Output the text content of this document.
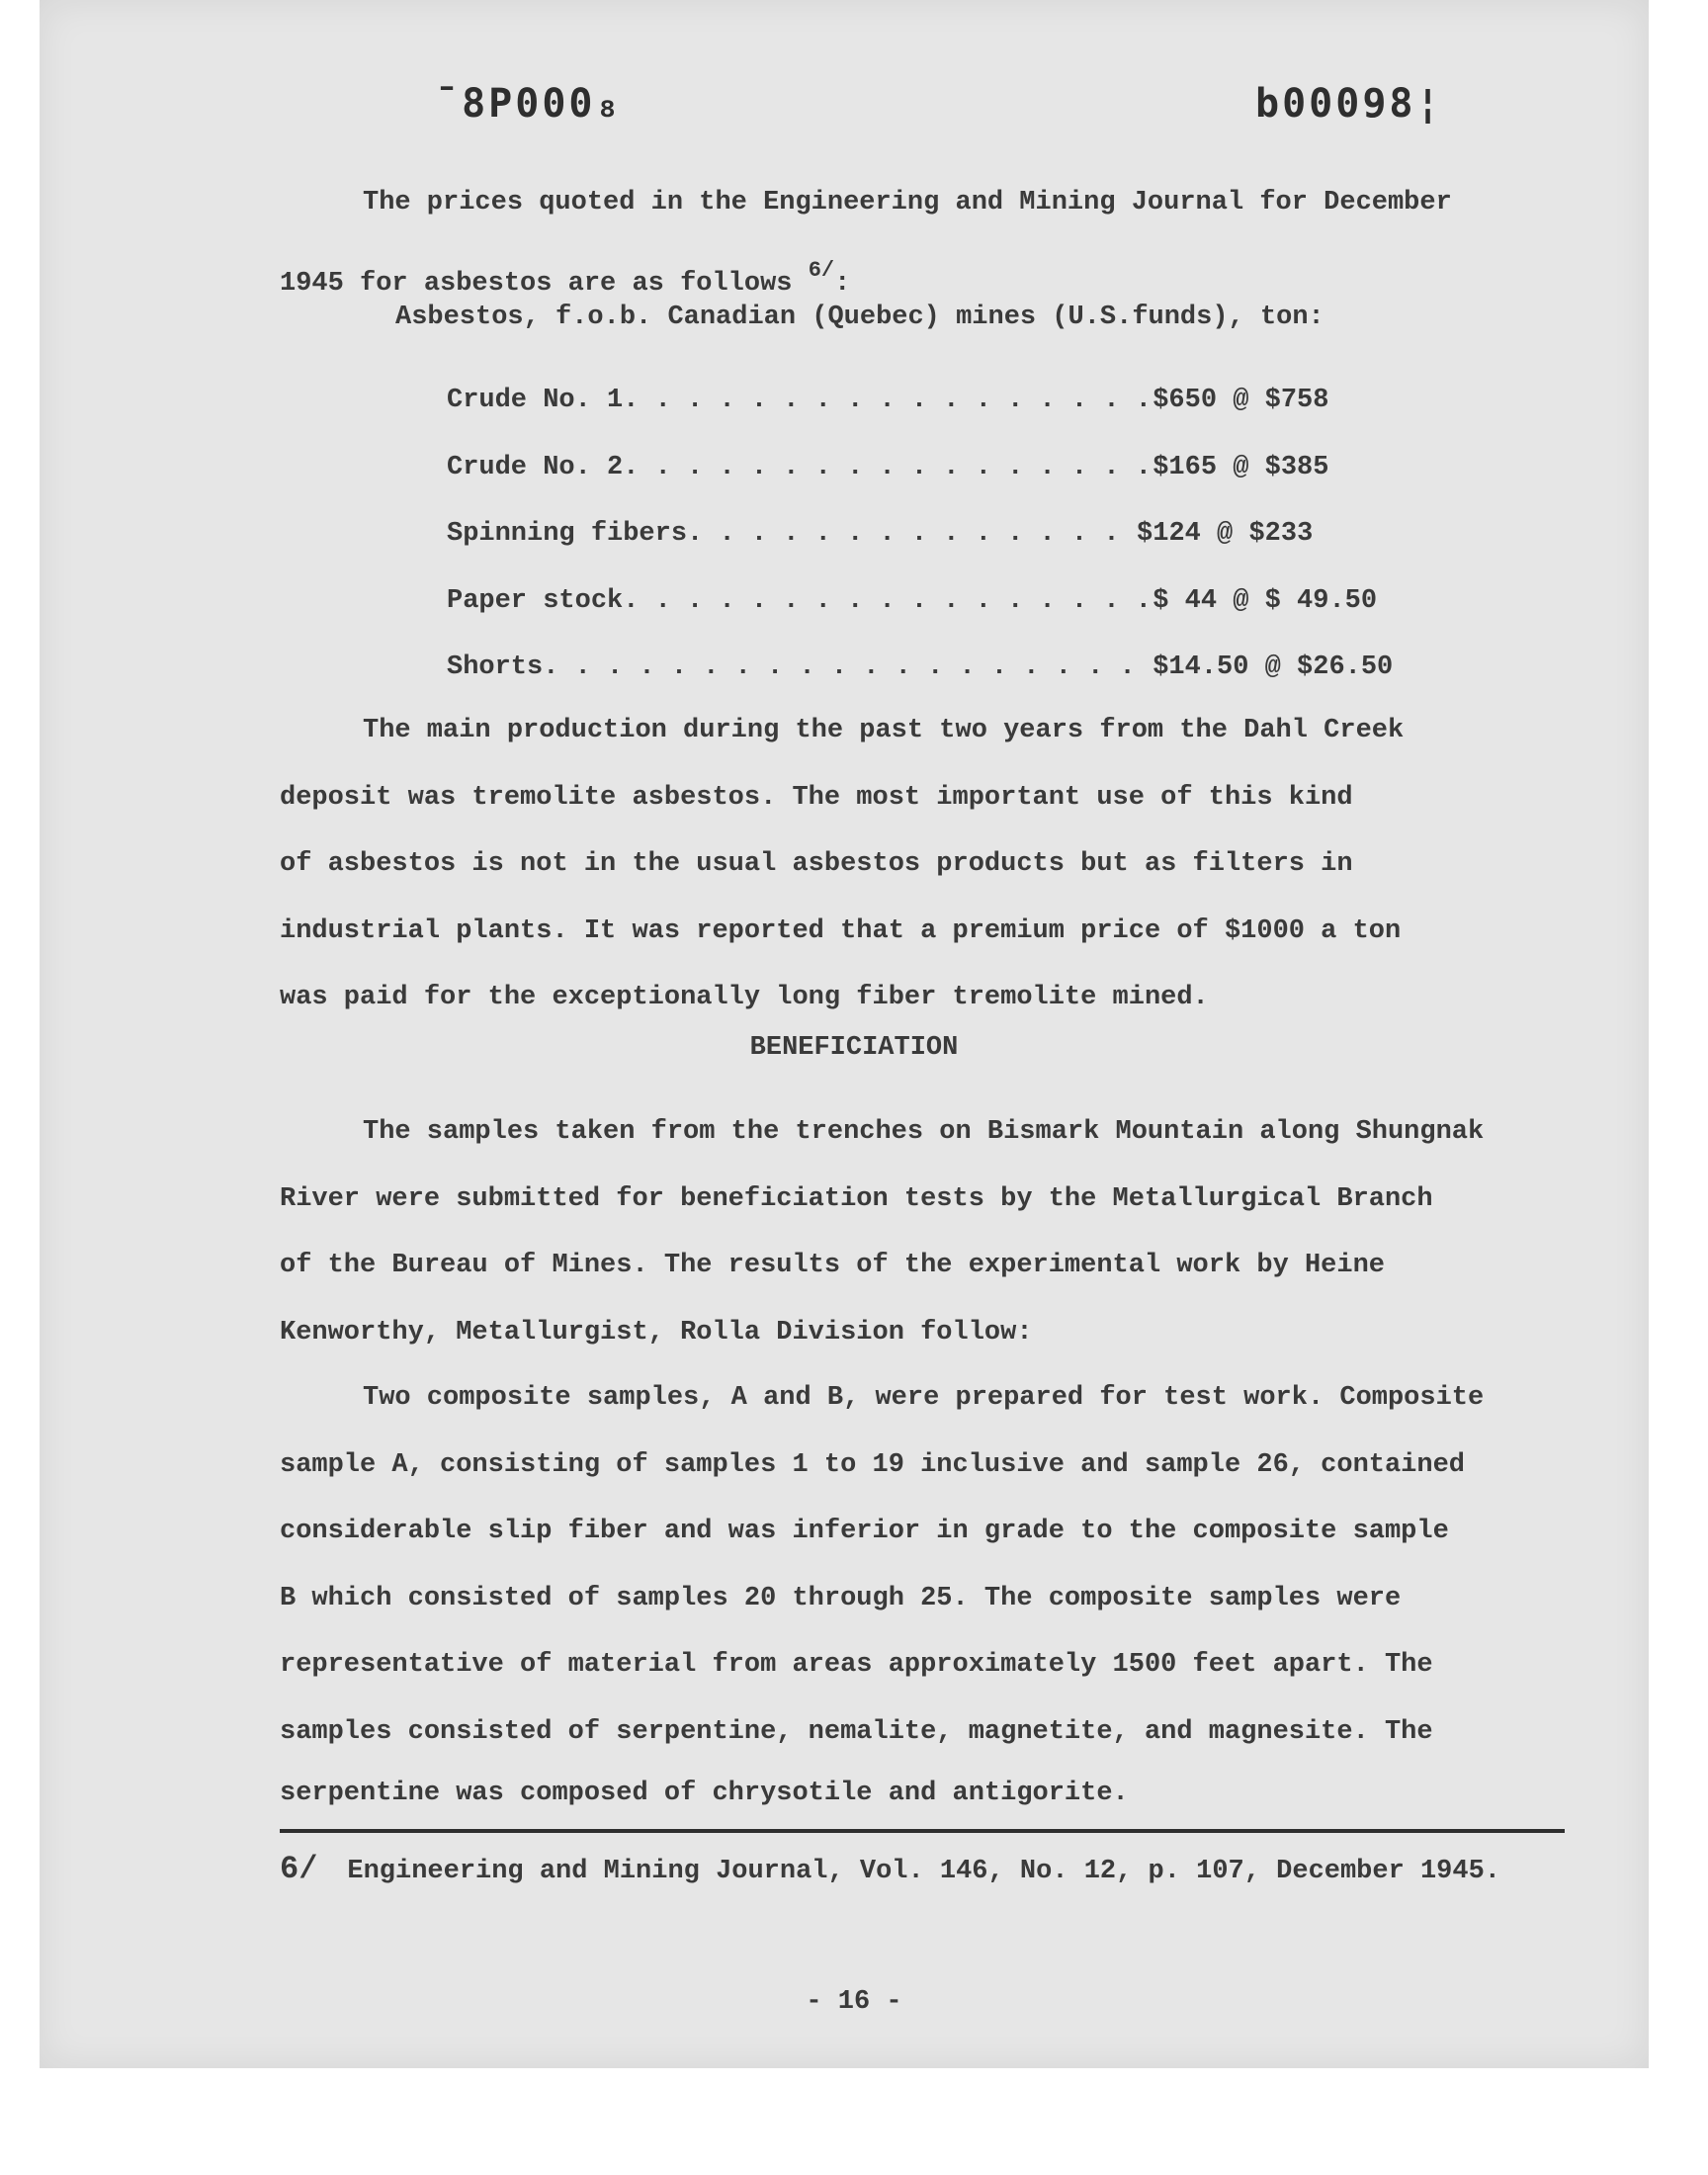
¯8P000₈	b00098¦
The prices quoted in the Engineering and Mining Journal for December
1945 for asbestos are as follows $^{6/}$:
Asbestos, f.o.b. Canadian (Quebec) mines (U.S.funds), ton:
Crude No. 1 . . .	$650 @ $758
Crude No. 2 . . .	$165 @ $385
Spinning fibers . . .	$124 @ $233
Paper stock . . .	$ 44 @ $ 49.50
Shorts . . .	$14.50 @ $26.50
The main production during the past two years from the Dahl Creek
deposit was tremolite asbestos. The most important use of this kind
of asbestos is not in the usual asbestos products but as filters in
industrial plants. It was reported that a premium price of $1000 a ton
was paid for the exceptionally long fiber tremolite mined.
BENEFICIATION
The samples taken from the trenches on Bismark Mountain along Shungnak
River were submitted for beneficiation tests by the Metallurgical Branch
of the Bureau of Mines. The results of the experimental work by Heine
Kenworthy, Metallurgist, Rolla Division follow:
Two composite samples, A and B, were prepared for test work. Composite
sample A, consisting of samples 1 to 19 inclusive and sample 26, contained
considerable slip fiber and was inferior in grade to the composite sample
B which consisted of samples 20 through 25. The composite samples were
representative of material from areas approximately 1500 feet apart. The
samples consisted of serpentine, nemalite, magnetite, and magnesite. The
serpentine was composed of chrysotile and antigorite.
6/ Engineering and Mining Journal, Vol. 146, No. 12, p. 107, December 1945.
- 16 -
